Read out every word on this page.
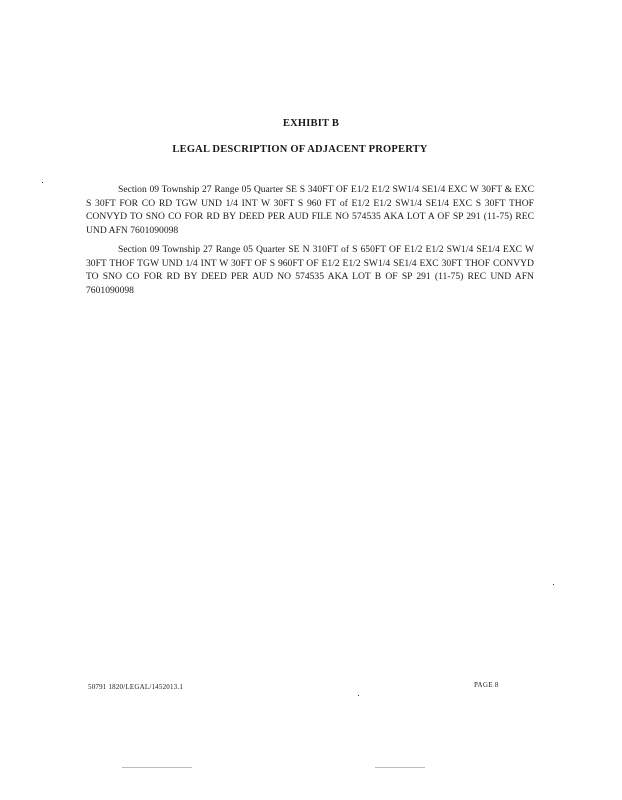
EXHIBIT B
LEGAL DESCRIPTION OF ADJACENT PROPERTY
Section 09 Township 27 Range 05 Quarter SE S 340FT OF E1/2 E1/2 SW1/4 SE1/4 EXC W 30FT & EXC S 30FT FOR CO RD TGW UND 1/4 INT W 30FT S 960 FT of E1/2 E1/2 SW1/4 SE1/4 EXC S 30FT THOF CONVYD TO SNO CO FOR RD BY DEED PER AUD FILE NO 574535 AKA LOT A OF SP 291 (11-75) REC UND AFN 7601090098
Section 09 Township 27 Range 05 Quarter SE N 310FT of S 650FT OF E1/2 E1/2 SW1/4 SE1/4 EXC W 30FT THOF TGW UND 1/4 INT W 30FT OF S 960FT OF E1/2 E1/2 SW1/4 SE1/4 EXC 30FT THOF CONVYD TO SNO CO FOR RD BY DEED PER AUD NO 574535 AKA LOT B OF SP 291 (11-75) REC UND AFN 7601090098
50791 1820/LEGAL/1452013.1	PAGE 8
